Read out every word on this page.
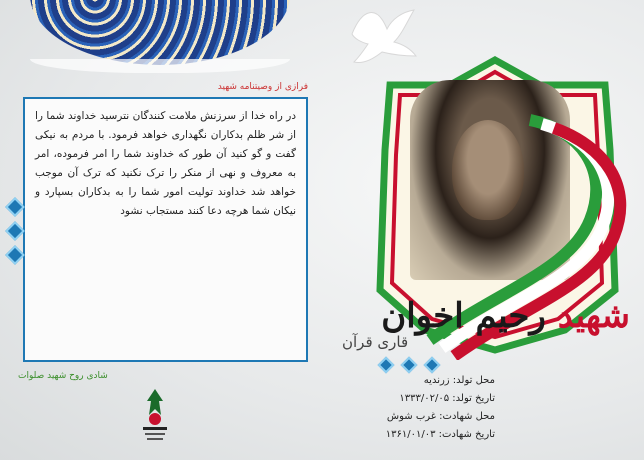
فرازی از وصیتنامه شهید
در راه خدا از سرزنش ملامت کنندگان نترسید خداوند شما را از شر ظلم بدکاران نگهداری خواهد فرمود. با مردم به نیکی گفت و گو کنید آن طور که خداوند شما را امر فرموده، امر به معروف و نهی از منکر را ترک نکنید که ترک آن موجب خواهد شد خداوند تولیت امور شما را به بدکاران بسپارد و نیکان شما هرچه دعا کنند مستجاب نشود
شادی روح شهید صلوات
شهید رحیم اخوان
قاری قرآن

محل تولد: زرندیه
تاریخ تولد: ۱۳۳۳/۰۲/۰۵
محل شهادت: غرب شوش
تاریخ شهادت: ۱۳۶۱/۰۱/۰۳
